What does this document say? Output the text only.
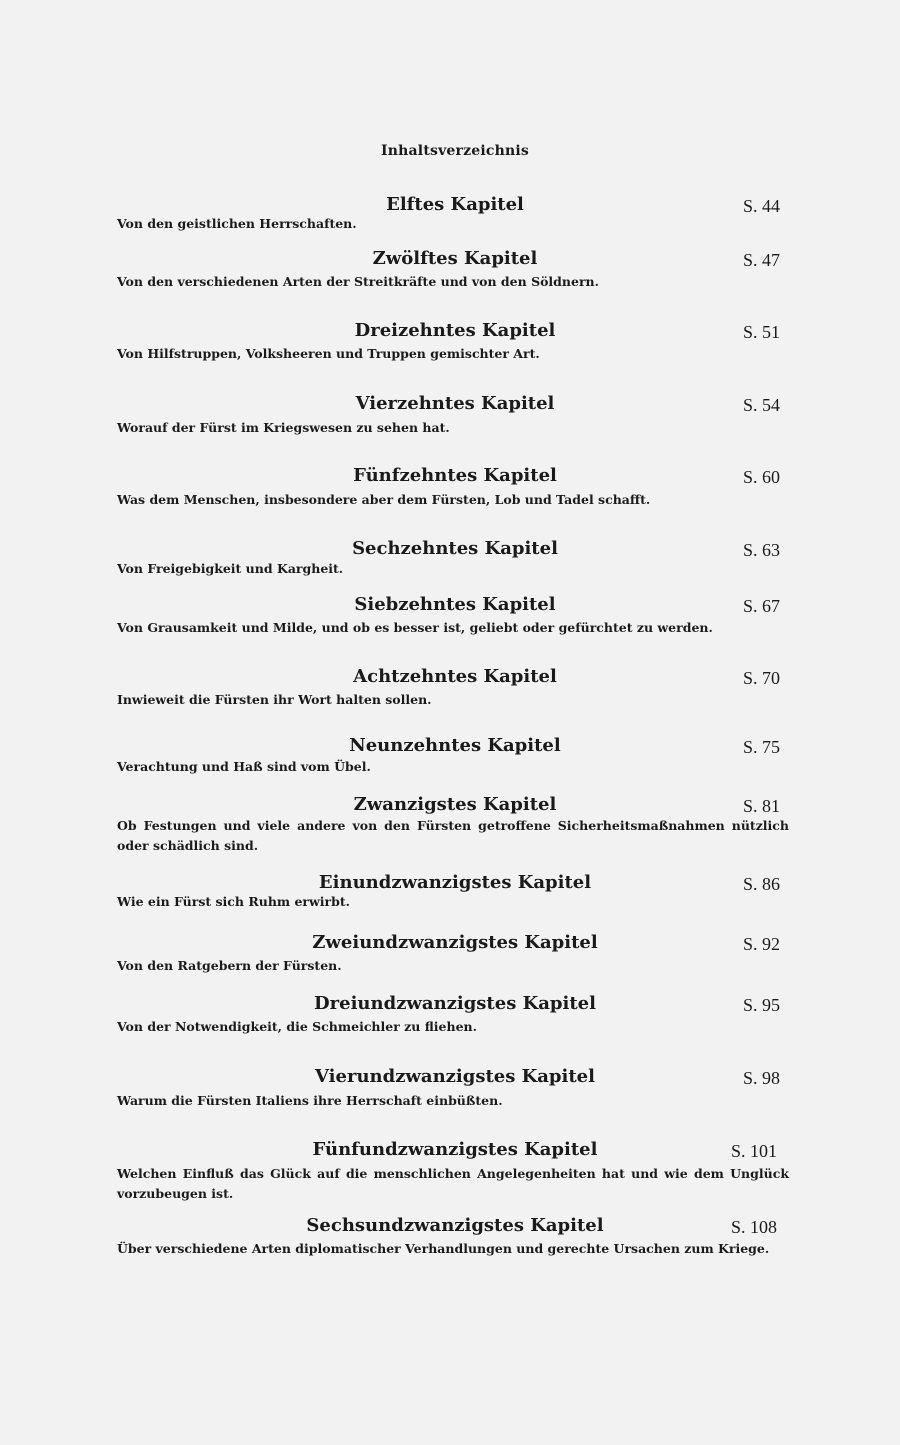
Inhaltsverzeichnis
Elftes Kapitel	S. 44
Von den geistlichen Herrschaften.
Zwölftes Kapitel	S. 47
Von den verschiedenen Arten der Streitkräfte und von den Söldnern.
Dreizehntes Kapitel	S. 51
Von Hilfstruppen, Volksheeren und Truppen gemischter Art.
Vierzehntes Kapitel	S. 54
Worauf der Fürst im Kriegswesen zu sehen hat.
Fünfzehntes Kapitel	S. 60
Was dem Menschen, insbesondere aber dem Fürsten, Lob und Tadel schafft.
Sechzehntes Kapitel	S. 63
Von Freigebigkeit und Kargheit.
Siebzehntes Kapitel	S. 67
Von Grausamkeit und Milde, und ob es besser ist, geliebt oder gefürchtet zu werden.
Achtzehntes Kapitel	S. 70
Inwieweit die Fürsten ihr Wort halten sollen.
Neunzehntes Kapitel	S. 75
Verachtung und Haß sind vom Übel.
Zwanzigstes Kapitel	S. 81
Ob Festungen und viele andere von den Fürsten getroffene Sicherheitsmaßnahmen nützlich oder schädlich sind.
Einundzwanzigstes Kapitel	S. 86
Wie ein Fürst sich Ruhm erwirbt.
Zweiundzwanzigstes Kapitel	S. 92
Von den Ratgebern der Fürsten.
Dreiundzwanzigstes Kapitel	S. 95
Von der Notwendigkeit, die Schmeichler zu fliehen.
Vierundzwanzigstes Kapitel	S. 98
Warum die Fürsten Italiens ihre Herrschaft einbüßten.
Fünfundzwanzigstes Kapitel	S. 101
Welchen Einfluß das Glück auf die menschlichen Angelegenheiten hat und wie dem Unglück vorzubeugen ist.
Sechsundzwanzigstes Kapitel	S. 108
Über verschiedene Arten diplomatischer Verhandlungen und gerechte Ursachen zum Kriege.
